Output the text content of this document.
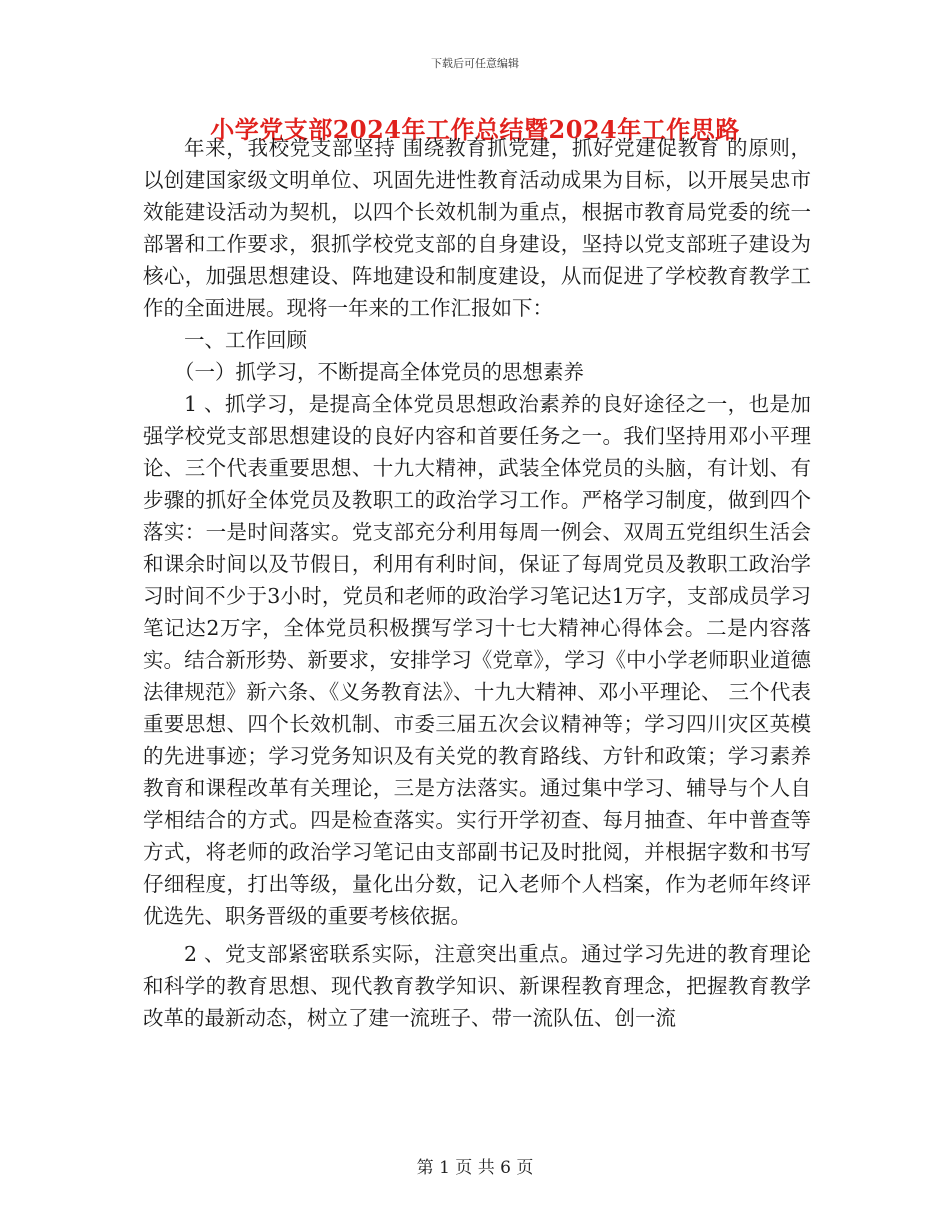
下载后可任意编辑
小学党支部2024年工作总结暨2024年工作思路

年来，我校党支部坚持 围绕教育抓党建，抓好党建促教育 的原则，以创建国家级文明单位、巩固先进性教育活动成果为目标，以开展吴忠市效能建设活动为契机，以四个长效机制为重点，根据市教育局党委的统一部署和工作要求，狠抓学校党支部的自身建设，坚持以党支部班子建设为核心，加强思想建设、阵地建设和制度建设，从而促进了学校教育教学工作的全面进展。现将一年来的工作汇报如下：

一、工作回顾

（一）抓学习，不断提高全体党员的思想素养

1 、抓学习，是提高全体党员思想政治素养的良好途径之一，也是加强学校党支部思想建设的良好内容和首要任务之一。我们坚持用邓小平理论、三个代表重要思想、十九大精神，武装全体党员的头脑，有计划、有步骤的抓好全体党员及教职工的政治学习工作。严格学习制度，做到四个落实：一是时间落实。党支部充分利用每周一例会、双周五党组织生活会和课余时间以及节假日，利用有利时间，保证了每周党员及教职工政治学习时间不少于3小时，党员和老师的政治学习笔记达1万字，支部成员学习笔记达2万字，全体党员积极撰写学习十七大精神心得体会。二是内容落实。结合新形势、新要求，安排学习《党章》，学习《中小学老师职业道德法律规范》新六条、《义务教育法》、十九大精神、邓小平理论、 三个代表 重要思想、四个长效机制、市委三届五次会议精神等；学习四川灾区英模的先进事迹；学习党务知识及有关党的教育路线、方针和政策；学习素养教育和课程改革有关理论，三是方法落实。通过集中学习、辅导与个人自学相结合的方式。四是检查落实。实行开学初查、每月抽查、年中普查等方式，将老师的政治学习笔记由支部副书记及时批阅，并根据字数和书写仔细程度，打出等级，量化出分数，记入老师个人档案，作为老师年终评优选先、职务晋级的重要考核依据。

2 、党支部紧密联系实际，注意突出重点。通过学习先进的教育理论和科学的教育思想、现代教育教学知识、新课程教育理念，把握教育教学改革的最新动态，树立了建一流班子、带一流队伍、创一流

第 1 页 共 6 页
